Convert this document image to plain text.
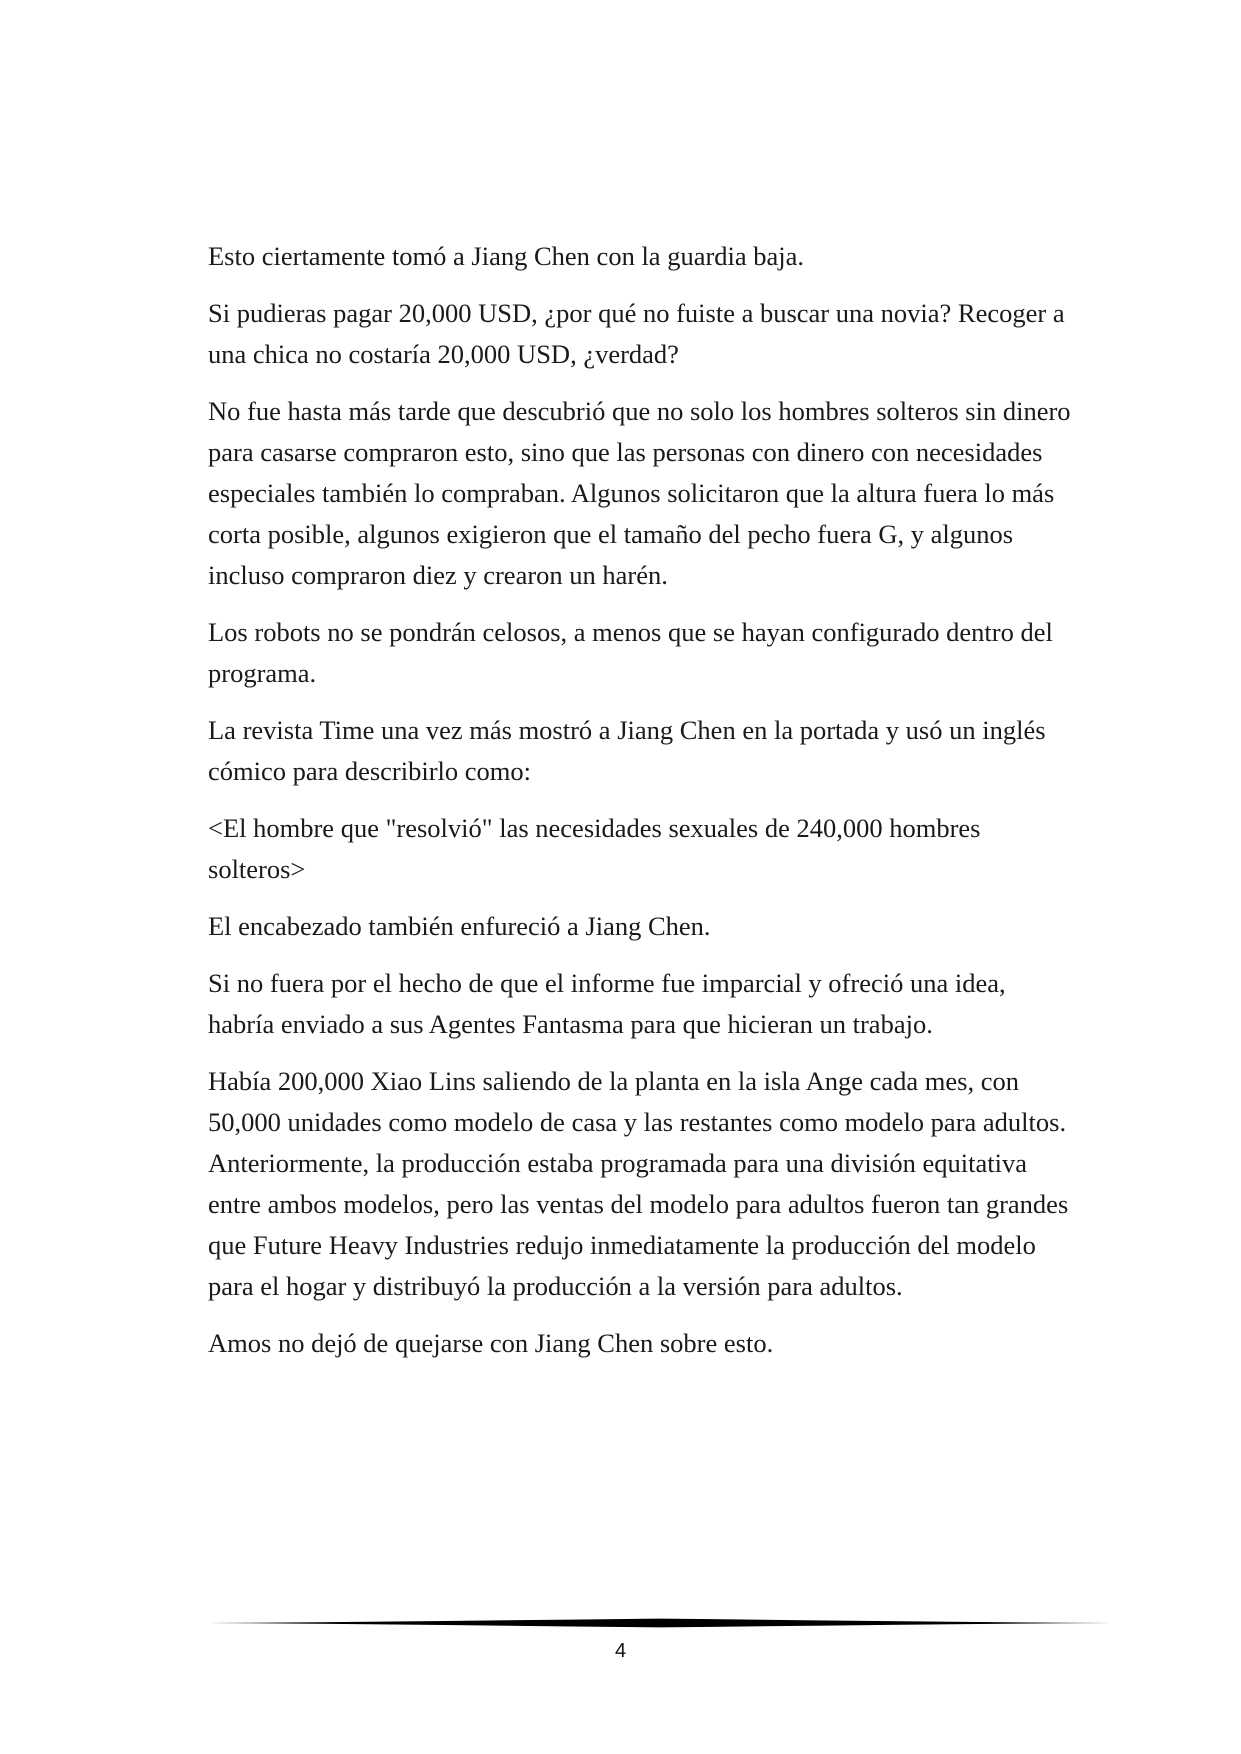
Esto ciertamente tomó a Jiang Chen con la guardia baja.

Si pudieras pagar 20,000 USD, ¿por qué no fuiste a buscar una novia? Recoger a una chica no costaría 20,000 USD, ¿verdad?

No fue hasta más tarde que descubrió que no solo los hombres solteros sin dinero para casarse compraron esto, sino que las personas con dinero con necesidades especiales también lo compraban. Algunos solicitaron que la altura fuera lo más corta posible, algunos exigieron que el tamaño del pecho fuera G, y algunos incluso compraron diez y crearon un harén.

Los robots no se pondrán celosos, a menos que se hayan configurado dentro del programa.

La revista Time una vez más mostró a Jiang Chen en la portada y usó un inglés cómico para describirlo como:

<El hombre que "resolvió" las necesidades sexuales de 240,000 hombres solteros>

El encabezado también enfureció a Jiang Chen.

Si no fuera por el hecho de que el informe fue imparcial y ofreció una idea, habría enviado a sus Agentes Fantasma para que hicieran un trabajo.

Había 200,000 Xiao Lins saliendo de la planta en la isla Ange cada mes, con 50,000 unidades como modelo de casa y las restantes como modelo para adultos. Anteriormente, la producción estaba programada para una división equitativa entre ambos modelos, pero las ventas del modelo para adultos fueron tan grandes que Future Heavy Industries redujo inmediatamente la producción del modelo para el hogar y distribuyó la producción a la versión para adultos.

Amos no dejó de quejarse con Jiang Chen sobre esto.

4
